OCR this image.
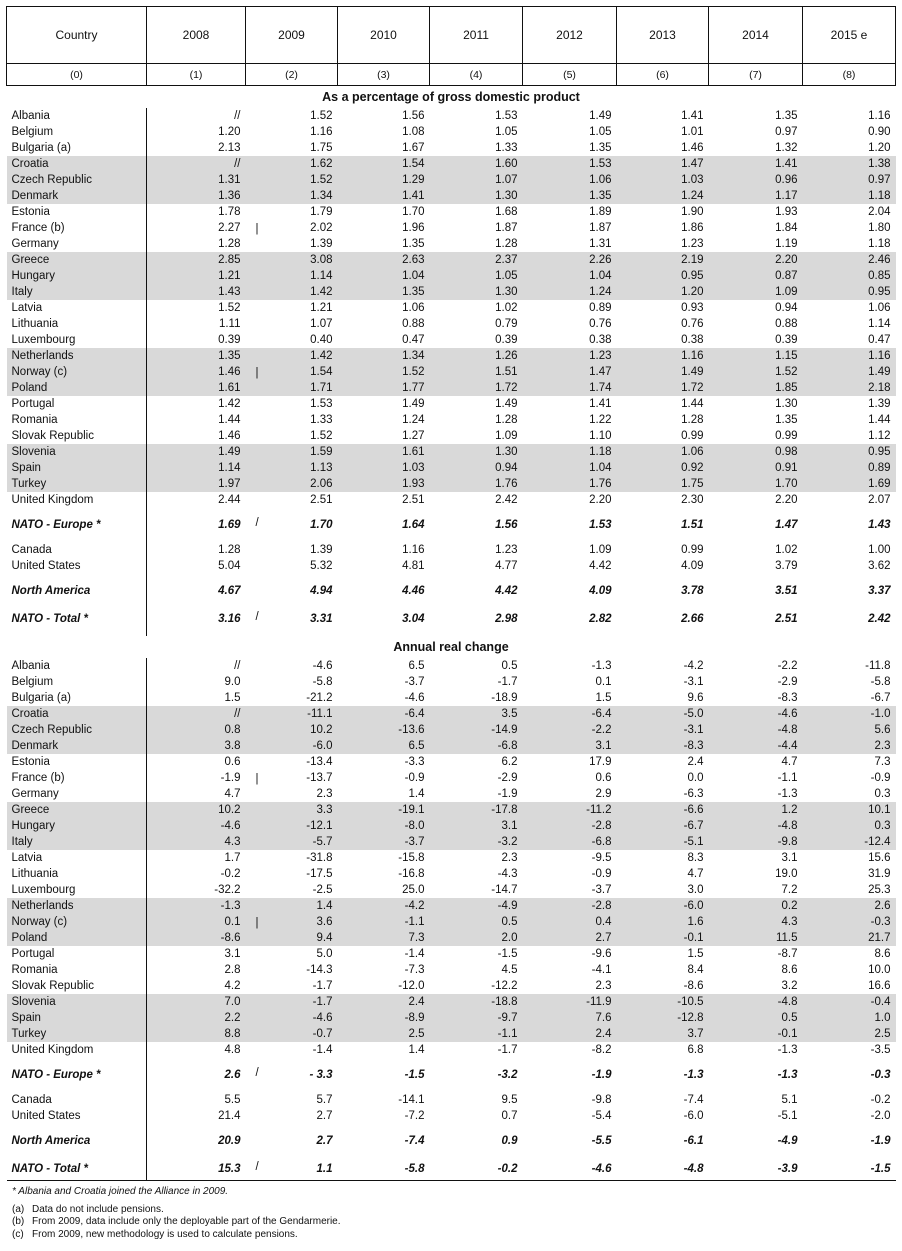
Country	2008	2009	2010	2011	2012	2013	2014	2015 e
(0)	(1)	(2)	(3)	(4)	(5)	(6)	(7)	(8)
As a percentage of gross domestic product								
Albania	//	1.52	1.56	1.53	1.49	1.41	1.35	1.16
Belgium	1.20	1.16	1.08	1.05	1.05	1.01	0.97	0.90
Bulgaria (a)	2.13	1.75	1.67	1.33	1.35	1.46	1.32	1.20
Croatia	//	1.62	1.54	1.60	1.53	1.47	1.41	1.38
Czech Republic	1.31	1.52	1.29	1.07	1.06	1.03	0.96	0.97
Denmark	1.36	1.34	1.41	1.30	1.35	1.24	1.17	1.18
Estonia	1.78	1.79	1.70	1.68	1.89	1.90	1.93	2.04
France (b)	2.27	| 2.02	1.96	1.87	1.87	1.86	1.84	1.80
Germany	1.28	1.39	1.35	1.28	1.31	1.23	1.19	1.18
Greece	2.85	3.08	2.63	2.37	2.26	2.19	2.20	2.46
Hungary	1.21	1.14	1.04	1.05	1.04	0.95	0.87	0.85
Italy	1.43	1.42	1.35	1.30	1.24	1.20	1.09	0.95
Latvia	1.52	1.21	1.06	1.02	0.89	0.93	0.94	1.06
Lithuania	1.11	1.07	0.88	0.79	0.76	0.76	0.88	1.14
Luxembourg	0.39	0.40	0.47	0.39	0.38	0.38	0.39	0.47
Netherlands	1.35	1.42	1.34	1.26	1.23	1.16	1.15	1.16
Norway (c)	1.46	| 1.54	1.52	1.51	1.47	1.49	1.52	1.49
Poland	1.61	1.71	1.77	1.72	1.74	1.72	1.85	2.18
Portugal	1.42	1.53	1.49	1.49	1.41	1.44	1.30	1.39
Romania	1.44	1.33	1.24	1.28	1.22	1.28	1.35	1.44
Slovak Republic	1.46	1.52	1.27	1.09	1.10	0.99	0.99	1.12
Slovenia	1.49	1.59	1.61	1.30	1.18	1.06	0.98	0.95
Spain	1.14	1.13	1.03	0.94	1.04	0.92	0.91	0.89
Turkey	1.97	2.06	1.93	1.76	1.76	1.75	1.70	1.69
United Kingdom	2.44	2.51	2.51	2.42	2.20	2.30	2.20	2.07

NATO - Europe *	1.69	/ 1.70	1.64	1.56	1.53	1.51	1.47	1.43

Canada	1.28	1.39	1.16	1.23	1.09	0.99	1.02	1.00
United States	5.04	5.32	4.81	4.77	4.42	4.09	3.79	3.62

North America	4.67	4.94	4.46	4.42	4.09	3.78	3.51	3.37

NATO - Total *	3.16	/ 3.31	3.04	2.98	2.82	2.66	2.51	2.42

Annual real change								
Albania	//	-4.6	6.5	0.5	-1.3	-4.2	-2.2	-11.8
Belgium	9.0	-5.8	-3.7	-1.7	0.1	-3.1	-2.9	-5.8
Bulgaria (a)	1.5	-21.2	-4.6	-18.9	1.5	9.6	-8.3	-6.7
Croatia	//	-11.1	-6.4	3.5	-6.4	-5.0	-4.6	-1.0
Czech Republic	0.8	10.2	-13.6	-14.9	-2.2	-3.1	-4.8	5.6
Denmark	3.8	-6.0	6.5	-6.8	3.1	-8.3	-4.4	2.3
Estonia	0.6	-13.4	-3.3	6.2	17.9	2.4	4.7	7.3
France (b)	-1.9	| -13.7	-0.9	-2.9	0.6	0.0	-1.1	-0.9
Germany	4.7	2.3	1.4	-1.9	2.9	-6.3	-1.3	0.3
Greece	10.2	3.3	-19.1	-17.8	-11.2	-6.6	1.2	10.1
Hungary	-4.6	-12.1	-8.0	3.1	-2.8	-6.7	-4.8	0.3
Italy	4.3	-5.7	-3.7	-3.2	-6.8	-5.1	-9.8	-12.4
Latvia	1.7	-31.8	-15.8	2.3	-9.5	8.3	3.1	15.6
Lithuania	-0.2	-17.5	-16.8	-4.3	-0.9	4.7	19.0	31.9
Luxembourg	-32.2	-2.5	25.0	-14.7	-3.7	3.0	7.2	25.3
Netherlands	-1.3	1.4	-4.2	-4.9	-2.8	-6.0	0.2	2.6
Norway (c)	0.1	| 3.6	-1.1	0.5	0.4	1.6	4.3	-0.3
Poland	-8.6	9.4	7.3	2.0	2.7	-0.1	11.5	21.7
Portugal	3.1	5.0	-1.4	-1.5	-9.6	1.5	-8.7	8.6
Romania	2.8	-14.3	-7.3	4.5	-4.1	8.4	8.6	10.0
Slovak Republic	4.2	-1.7	-12.0	-12.2	2.3	-8.6	3.2	16.6
Slovenia	7.0	-1.7	2.4	-18.8	-11.9	-10.5	-4.8	-0.4
Spain	2.2	-4.6	-8.9	-9.7	7.6	-12.8	0.5	1.0
Turkey	8.8	-0.7	2.5	-1.1	2.4	3.7	-0.1	2.5
United Kingdom	4.8	-1.4	1.4	-1.7	-8.2	6.8	-1.3	-3.5

NATO - Europe *	2.6	/ - 3.3	-1.5	-3.2	-1.9	-1.3	-1.3	-0.3

Canada	5.5	5.7	-14.1	9.5	-9.8	-7.4	5.1	-0.2
United States	21.4	2.7	-7.2	0.7	-5.4	-6.0	-5.1	-2.0

North America	20.9	2.7	-7.4	0.9	-5.5	-6.1	-4.9	-1.9

NATO - Total *	15.3	/ 1.1	-5.8	-0.2	-4.6	-4.8	-3.9	-1.5
* Albania and Croatia joined the Alliance in 2009.
(a) Data do not include pensions.
(b) From 2009, data include only the deployable part of the Gendarmerie.
(c) From 2009, new methodology is used to calculate pensions.
